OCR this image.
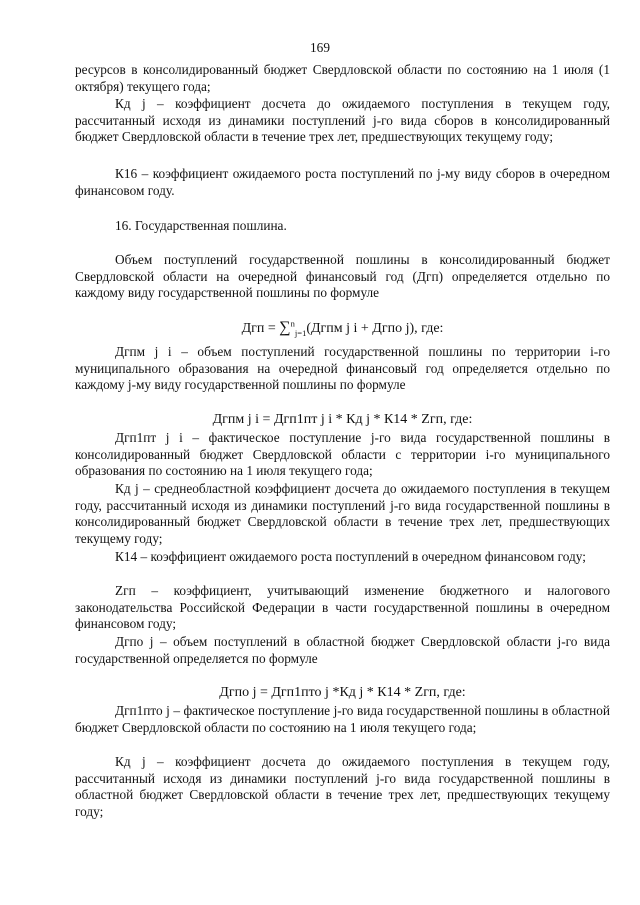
169

ресурсов в консолидированный бюджет Свердловской области по состоянию на 1 июля (1 октября) текущего года;

Кд j – коэффициент досчета до ожидаемого поступления в текущем году, рассчитанный исходя из динамики поступлений j-го вида сборов в консолидированный бюджет Свердловской области в течение трех лет, предшествующих текущему году;

К16 – коэффициент ожидаемого роста поступлений по j-му виду сборов в очередном финансовом году.

16. Государственная пошлина.

Объем поступлений государственной пошлины в консолидированный бюджет Свердловской области на очередной финансовый год (Дгп) определяется отдельно по каждому виду государственной пошлины по формуле

Дгп = ∑$^n_{j=1}$(Дгпм j i + Дгпо j), где:

Дгпм j i – объем поступлений государственной пошлины по территории i-го муниципального образования на очередной финансовый год определяется отдельно по каждому j-му виду государственной пошлины по формуле

Дгпм j i = Дгп1пт j i * Кд j * К14 * Zгп, где:

Дгп1пт j i – фактическое поступление j-го вида государственной пошлины в консолидированный бюджет Свердловской области с территории i-го муниципального образования по состоянию на 1 июля текущего года;

Кд j – среднеобластной коэффициент досчета до ожидаемого поступления в текущем году, рассчитанный исходя из динамики поступлений j-го вида государственной пошлины в консолидированный бюджет Свердловской области в течение трех лет, предшествующих текущему году;

К14 – коэффициент ожидаемого роста поступлений в очередном финансовом году;

Zгп – коэффициент, учитывающий изменение бюджетного и налогового законодательства Российской Федерации в части государственной пошлины в очередном финансовом году;

Дгпо j – объем поступлений в областной бюджет Свердловской области j-го вида государственной определяется по формуле

Дгпо j = Дгп1пто j *Кд j * К14 * Zгп, где:

Дгп1пто j – фактическое поступление j-го вида государственной пошлины в областной бюджет Свердловской области по состоянию на 1 июля текущего года;

Кд j – коэффициент досчета до ожидаемого поступления в текущем году, рассчитанный исходя из динамики поступлений j-го вида государственной пошлины в областной бюджет Свердловской области в течение трех лет, предшествующих текущему году;
